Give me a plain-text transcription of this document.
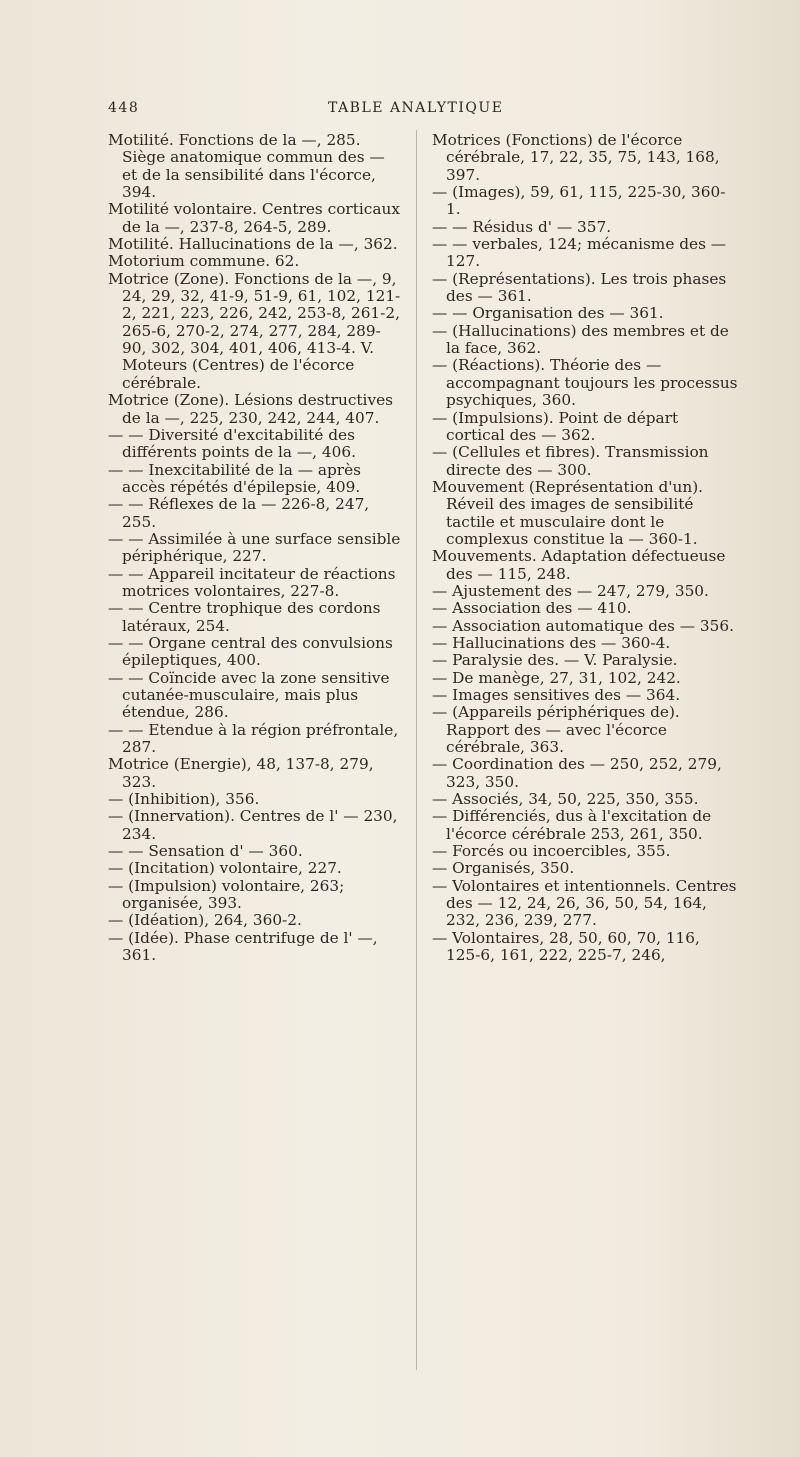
448	TABLE ANALYTIQUE

Motilité. Fonctions de la —, 285. Siège anatomique commun des — et de la sensibilité dans l'écorce, 394.

Motilité volontaire. Centres corticaux de la —, 237-8, 264-5, 289.

Motilité. Hallucinations de la —, 362.

Motorium commune. 62.

Motrice (Zone). Fonctions de la —, 9, 24, 29, 32, 41-9, 51-9, 61, 102, 121-2, 221, 223, 226, 242, 253-8, 261-2, 265-6, 270-2, 274, 277, 284, 289-90, 302, 304, 401, 406, 413-4. V. Moteurs (Centres) de l'écorce cérébrale.

Motrice (Zone). Lésions destructives de la —, 225, 230, 242, 244, 407.

— — Diversité d'excitabilité des différents points de la —, 406.

— — Inexcitabilité de la — après accès répétés d'épilepsie, 409.

— — Réflexes de la — 226-8, 247, 255.

— — Assimilée à une surface sensible périphérique, 227.

— — Appareil incitateur de réactions motrices volontaires, 227-8.

— — Centre trophique des cordons latéraux, 254.

— — Organe central des convulsions épileptiques, 400.

— — Coïncide avec la zone sensitive cutanée-musculaire, mais plus étendue, 286.

— — Etendue à la région préfrontale, 287.

Motrice (Energie), 48, 137-8, 279, 323.

— (Inhibition), 356.

— (Innervation). Centres de l' — 230, 234.

— — Sensation d' — 360.

— (Incitation) volontaire, 227.

— (Impulsion) volontaire, 263; organisée, 393.

— (Idéation), 264, 360-2.

— (Idée). Phase centrifuge de l' —, 361.

Motrices (Fonctions) de l'écorce cérébrale, 17, 22, 35, 75, 143, 168, 397.

— (Images), 59, 61, 115, 225-30, 360-1.

— — Résidus d' — 357.

— — verbales, 124; mécanisme des — 127.

— (Représentations). Les trois phases des — 361.

— — Organisation des — 361.

— (Hallucinations) des membres et de la face, 362.

— (Réactions). Théorie des — accompagnant toujours les processus psychiques, 360.

— (Impulsions). Point de départ cortical des — 362.

— (Cellules et fibres). Transmission directe des — 300.

Mouvement (Représentation d'un). Réveil des images de sensibilité tactile et musculaire dont le complexus constitue la — 360-1.

Mouvements. Adaptation défectueuse des — 115, 248.

— Ajustement des — 247, 279, 350.

— Association des — 410.

— Association automatique des — 356.

— Hallucinations des — 360-4.

— Paralysie des. — V. Paralysie.

— De manège, 27, 31, 102, 242.

— Images sensitives des — 364.

— (Appareils périphériques de). Rapport des — avec l'écorce cérébrale, 363.

— Coordination des — 250, 252, 279, 323, 350.

— Associés, 34, 50, 225, 350, 355.

— Différenciés, dus à l'excitation de l'écorce cérébrale 253, 261, 350.

— Forcés ou incoercibles, 355.

— Organisés, 350.

— Volontaires et intentionnels. Centres des — 12, 24, 26, 36, 50, 54, 164, 232, 236, 239, 277.

— Volontaires, 28, 50, 60, 70, 116, 125-6, 161, 222, 225-7, 246,
